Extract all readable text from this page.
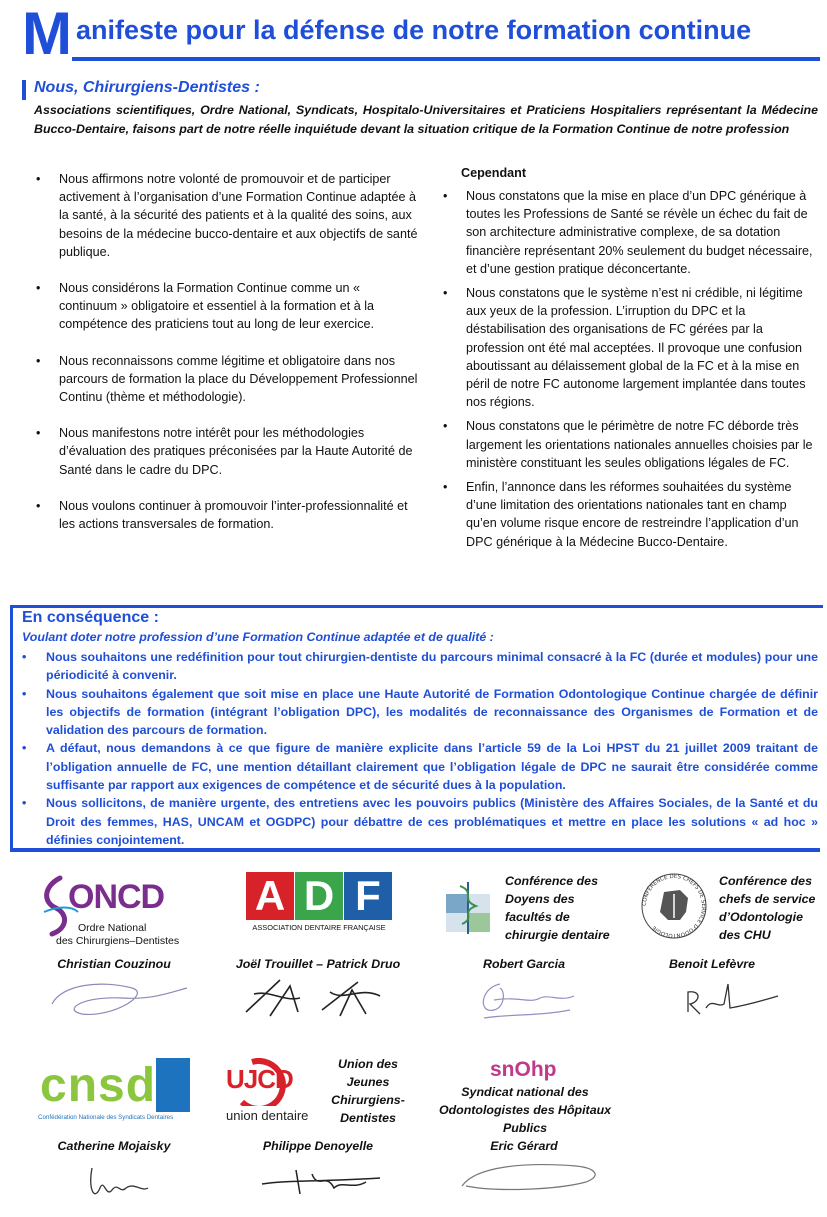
M anifeste pour la défense de notre formation continue
Nous, Chirurgiens-Dentistes :
Associations scientifiques, Ordre National, Syndicats, Hospitalo-Universitaires et Praticiens Hospitaliers représentant la Médecine Bucco-Dentaire, faisons part de notre réelle inquiétude devant la situation critique de la Formation Continue de notre profession
• Nous affirmons notre volonté de promouvoir et de participer activement à l’organisation d’une Formation Continue adaptée à la santé, à la sécurité des patients et à la qualité des soins, aux besoins de la médecine bucco-dentaire et aux objectifs de santé publique.
• Nous considérons la Formation Continue comme un « continuum » obligatoire et essentiel à la formation et à la compétence des praticiens tout au long de leur exercice.
• Nous reconnaissons comme légitime et obligatoire dans nos parcours de formation la place du Développement Professionnel Continu (thème et méthodologie).
• Nous manifestons notre intérêt pour les méthodologies d’évaluation des pratiques préconisées par la Haute Autorité de Santé dans le cadre du DPC.
• Nous voulons continuer à promouvoir l’inter-professionnalité et les actions transversales de formation.
Cependant
• Nous constatons que la mise en place d’un DPC générique à toutes les Professions de Santé se révèle un échec du fait de son architecture administrative complexe, de sa dotation financière représentant 20% seulement du budget nécessaire, et d’une gestion pratique déconcertante.
• Nous constatons que le système n’est ni crédible, ni légitime aux yeux de la profession. L’irruption du DPC et la déstabilisation des organisations de FC gérées par la profession ont été mal acceptées. Il provoque une confusion aboutissant au délaissement global de la FC et à la mise en péril de notre FC autonome largement implantée dans toutes nos régions.
• Nous constatons que le périmètre de notre FC déborde très largement les orientations nationales annuelles choisies par le ministère constituant les seules obligations légales de FC.
• Enfin, l’annonce dans les réformes souhaitées du système d’une limitation des orientations nationales tant en champ qu’en volume risque encore de restreindre l’application d’un DPC générique à la Médecine Bucco-Dentaire.
En conséquence :
Voulant doter notre profession d’une Formation Continue adaptée et de qualité :
• Nous souhaitons une redéfinition pour tout chirurgien-dentiste du parcours minimal consacré à la FC (durée et modules) pour une périodicité à convenir.
• Nous souhaitons également que soit mise en place une Haute Autorité de Formation Odontologique Continue chargée de définir les objectifs de formation (intégrant l’obligation DPC), les modalités de reconnaissance des Organismes de Formation et de validation des parcours de formation.
• A défaut, nous demandons à ce que figure de manière explicite dans l’article 59 de la Loi HPST du 21 juillet 2009 traitant de l’obligation annuelle de FC, une mention détaillant clairement que l’obligation légale de DPC ne saurait être considérée comme suffisante par rapport aux exigences de compétence et de sécurité dues à la population.
• Nous sollicitons, de manière urgente, des entretiens avec les pouvoirs publics (Ministère des Affaires Sociales, de la Santé et du Droit des femmes, HAS, UNCAM et OGDPC) pour débattre de ces problématiques et mettre en place les solutions « ad hoc » définies conjointement.
ONCD
Ordre National
des Chirurgiens–Dentistes
A D F
ASSOCIATION DENTAIRE FRANÇAISE
Conférence des
Doyens des
facultés de
chirurgie dentaire
CONFÉRENCE DES CHEFS DE SERVICE D'ODONTOLOGIE
Conférence des
chefs de service
d’Odontologie
des CHU
Christian Couzinou	Joël Trouillet – Patrick Druo	Robert Garcia	Benoit Lefèvre
cnsd
Confédération Nationale des Syndicats Dentaires
UJCD
union dentaire
Union des
Jeunes
Chirurgiens-
Dentistes
snOhp
Syndicat national des
Odontologistes des Hôpitaux
Publics
Catherine Mojaisky	Philippe Denoyelle	Eric Gérard
